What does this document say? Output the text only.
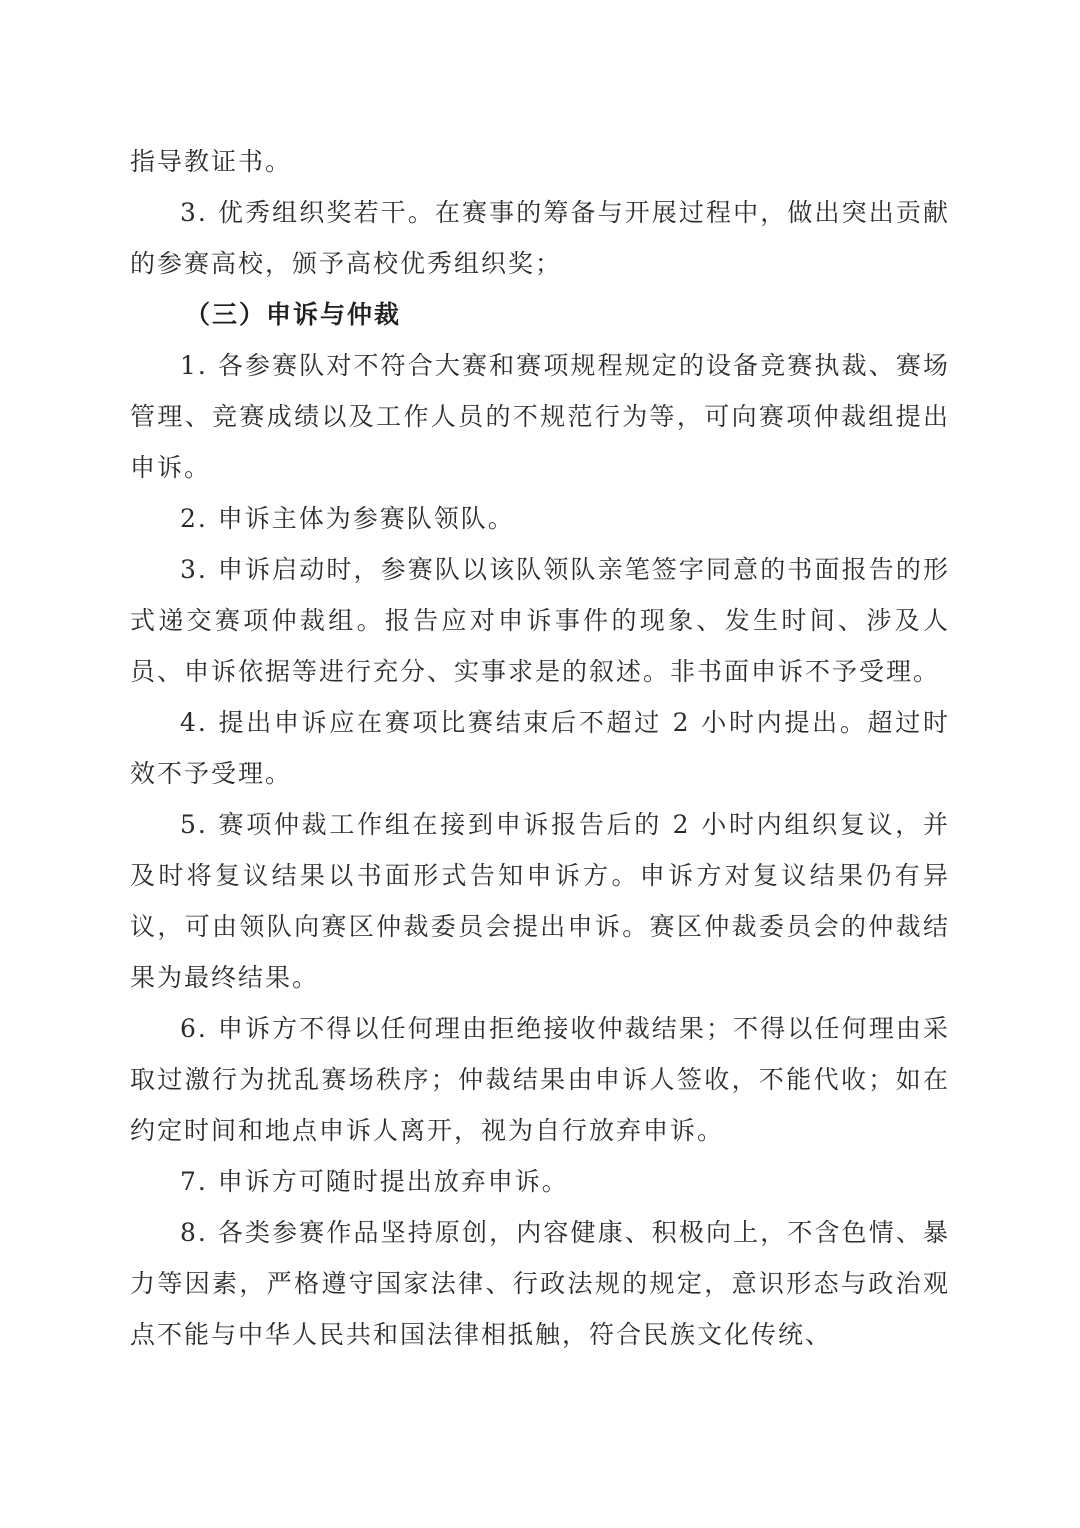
指导教证书。

3. 优秀组织奖若干。在赛事的筹备与开展过程中，做出突出贡献的参赛高校，颁予高校优秀组织奖；

（三）申诉与仲裁

1. 各参赛队对不符合大赛和赛项规程规定的设备竞赛执裁、赛场管理、竞赛成绩以及工作人员的不规范行为等，可向赛项仲裁组提出申诉。

2. 申诉主体为参赛队领队。

3. 申诉启动时，参赛队以该队领队亲笔签字同意的书面报告的形式递交赛项仲裁组。报告应对申诉事件的现象、发生时间、涉及人员、申诉依据等进行充分、实事求是的叙述。非书面申诉不予受理。

4. 提出申诉应在赛项比赛结束后不超过 2 小时内提出。超过时效不予受理。

5. 赛项仲裁工作组在接到申诉报告后的 2 小时内组织复议，并及时将复议结果以书面形式告知申诉方。申诉方对复议结果仍有异议，可由领队向赛区仲裁委员会提出申诉。赛区仲裁委员会的仲裁结果为最终结果。

6. 申诉方不得以任何理由拒绝接收仲裁结果；不得以任何理由采取过激行为扰乱赛场秩序；仲裁结果由申诉人签收，不能代收；如在约定时间和地点申诉人离开，视为自行放弃申诉。

7. 申诉方可随时提出放弃申诉。

8. 各类参赛作品坚持原创，内容健康、积极向上，不含色情、暴力等因素，严格遵守国家法律、行政法规的规定，意识形态与政治观点不能与中华人民共和国法律相抵触，符合民族文化传统、
